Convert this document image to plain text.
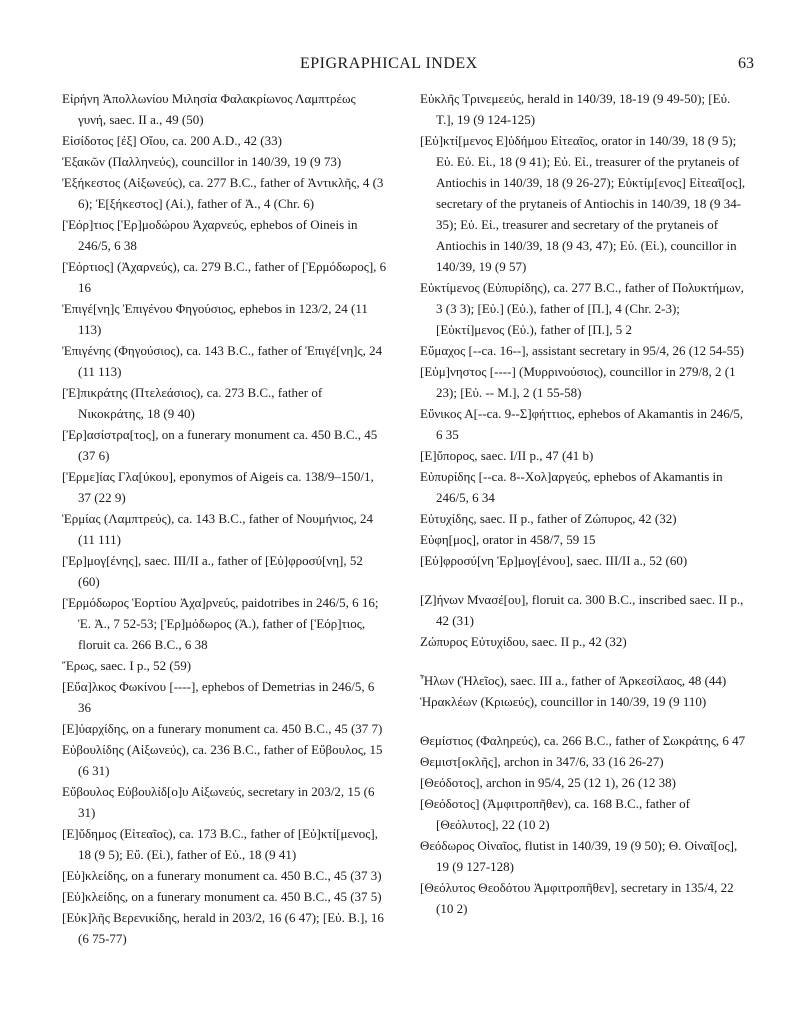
EPIGRAPHICAL INDEX	63

Εἰρήνη Ἀπολλωνίου Μιλησία Φαλακρίωνος Λαμπτρέως γυνή, saec. II a., 49 (50)

Εἰσίδοτος [ἐξ] Οἴου, ca. 200 A.D., 42 (33)

Ἐξακῶν (Παλληνεύς), councillor in 140/39, 19 (9 73)

Ἐξήκεστος (Αἰξωνεύς), ca. 277 B.C., father of Ἀντικλῆς, 4 (3 6); Ἐ[ξήκεστος] (Αἰ.), father of Ἀ., 4 (Chr. 6)

[Ἑόρ]τιος [Ἑρ]μοδώρου Ἀχαρνεύς, ephebos of Oineis in 246/5, 6 38

[Ἑόρτιος] (Ἀχαρνεύς), ca. 279 B.C., father of [Ἑρμόδωρος], 6 16

Ἐπιγέ[νη]ς Ἐπιγένου Φηγούσιος, ephebos in 123/2, 24 (11 113)

Ἐπιγένης (Φηγούσιος), ca. 143 B.C., father of Ἐπιγέ[νη]ς, 24 (11 113)

[Ἐ]πικράτης (Πτελεάσιος), ca. 273 B.C., father of Νικοκράτης, 18 (9 40)

[Ἐρ]ασίστρα[τος], on a funerary monument ca. 450 B.C., 45 (37 6)

[Ἑρμε]ίας Γλα[ύκου], eponymos of Aigeis ca. 138/9–150/1, 37 (22 9)

Ἑρμίας (Λαμπτρεύς), ca. 143 B.C., father of Νουμήνιος, 24 (11 111)

[Ἑρ]μογ[ένης], saec. III/II a., father of [Εὐ]φροσύ[νη], 52 (60)

[Ἑρμόδωρος Ἑορτίου Ἀχα]ρνεύς, paidotribes in 246/5, 6 16; Ἑ. Ἀ., 7 52-53; [Ἑρ]μόδωρος (Ἀ.), father of [Ἑόρ]τιος, floruit ca. 266 B.C., 6 38

Ἔρως, saec. I p., 52 (59)

[Εὔα]λκος Φωκίνου [----], ephebos of Demetrias in 246/5, 6 36

[Ε]ὐαρχίδης, on a funerary monument ca. 450 B.C., 45 (37 7)

Εὐβουλίδης (Αἰξωνεύς), ca. 236 B.C., father of Εὔβουλος, 15 (6 31)

Εὔβουλος Εὐβουλίδ[ο]υ Αἰξωνεύς, secretary in 203/2, 15 (6 31)

[Ε]ὔδημος (Εἰτεαῖος), ca. 173 B.C., father of [Εὐ]κτί[μενος], 18 (9 5); Εὔ. (Εἰ.), father of Εὐ., 18 (9 41)

[Εὐ]κλείδης, on a funerary monument ca. 450 B.C., 45 (37 3)

[Εὐ]κλείδης, on a funerary monument ca. 450 B.C., 45 (37 5)

[Εὐκ]λῆς Βερενικίδης, herald in 203/2, 16 (6 47); [Εὐ. Β.], 16 (6 75-77)

Εὐκλῆς Τρινεμεεύς, herald in 140/39, 18-19 (9 49-50); [Εὐ. Τ.], 19 (9 124-125)

[Εὐ]κτί[μενος Ε]ὐδήμου Εἰτεαῖος, orator in 140/39, 18 (9 5); Εὐ. Εὐ. Εἰ., 18 (9 41); Εὐ. Εἰ., treasurer of the prytaneis of Antiochis in 140/39, 18 (9 26-27); Εὐκτίμ[ενος] Εἰτεαῖ[ος], secretary of the prytaneis of Antiochis in 140/39, 18 (9 34-35); Εὐ. Εἰ., treasurer and secretary of the prytaneis of Antiochis in 140/39, 18 (9 43, 47); Εὐ. (Εἰ.), councillor in 140/39, 19 (9 57)

Εὐκτίμενος (Εὐπυρίδης), ca. 277 B.C., father of Πολυκτήμων, 3 (3 3); [Εὐ.] (Εὐ.), father of [Π.], 4 (Chr. 2-3); [Εὐκτί]μενος (Εὐ.), father of [Π.], 5 2

Εὔμαχος [--ca. 16--], assistant secretary in 95/4, 26 (12 54-55)

[Εὐμ]νηστος [----] (Μυρρινούσιος), councillor in 279/8, 2 (1 23); [Εὐ. -- Μ.], 2 (1 55-58)

Εὔνικος Α[--ca. 9--Σ]φήττιος, ephebos of Akamantis in 246/5, 6 35

[Ε]ὔπορος, saec. I/II p., 47 (41 b)

Εὐπυρίδης [--ca. 8--Χολ]αργεύς, ephebos of Akamantis in 246/5, 6 34

Εὐτυχίδης, saec. II p., father of Ζώπυρος, 42 (32)

Εὐφη[μος], orator in 458/7, 59 15

[Εὐ]φροσύ[νη Ἑρ]μογ[ένου], saec. III/II a., 52 (60)

[Ζ]ήνων Μνασέ[ου], floruit ca. 300 B.C., inscribed saec. II p., 42 (31)

Ζώπυρος Εὐτυχίδου, saec. II p., 42 (32)

Ἦλων (Ἠλεῖος), saec. III a., father of Ἀρκεσίλαος, 48 (44)

Ἡρακλέων (Κριωεύς), councillor in 140/39, 19 (9 110)

Θεμίστιος (Φαληρεύς), ca. 266 B.C., father of Σωκράτης, 6 47

Θεμιστ[οκλῆς], archon in 347/6, 33 (16 26-27)

[Θεόδοτος], archon in 95/4, 25 (12 1), 26 (12 38)

[Θεόδοτος] (Ἀμφιτροπῆθεν), ca. 168 B.C., father of [Θεόλυτος], 22 (10 2)

Θεόδωρος Οἰναῖος, flutist in 140/39, 19 (9 50); Θ. Οἰναῖ[ος], 19 (9 127-128)

[Θεόλυτος Θεοδότου Ἀμφιτροπῆθεν], secretary in 135/4, 22 (10 2)
